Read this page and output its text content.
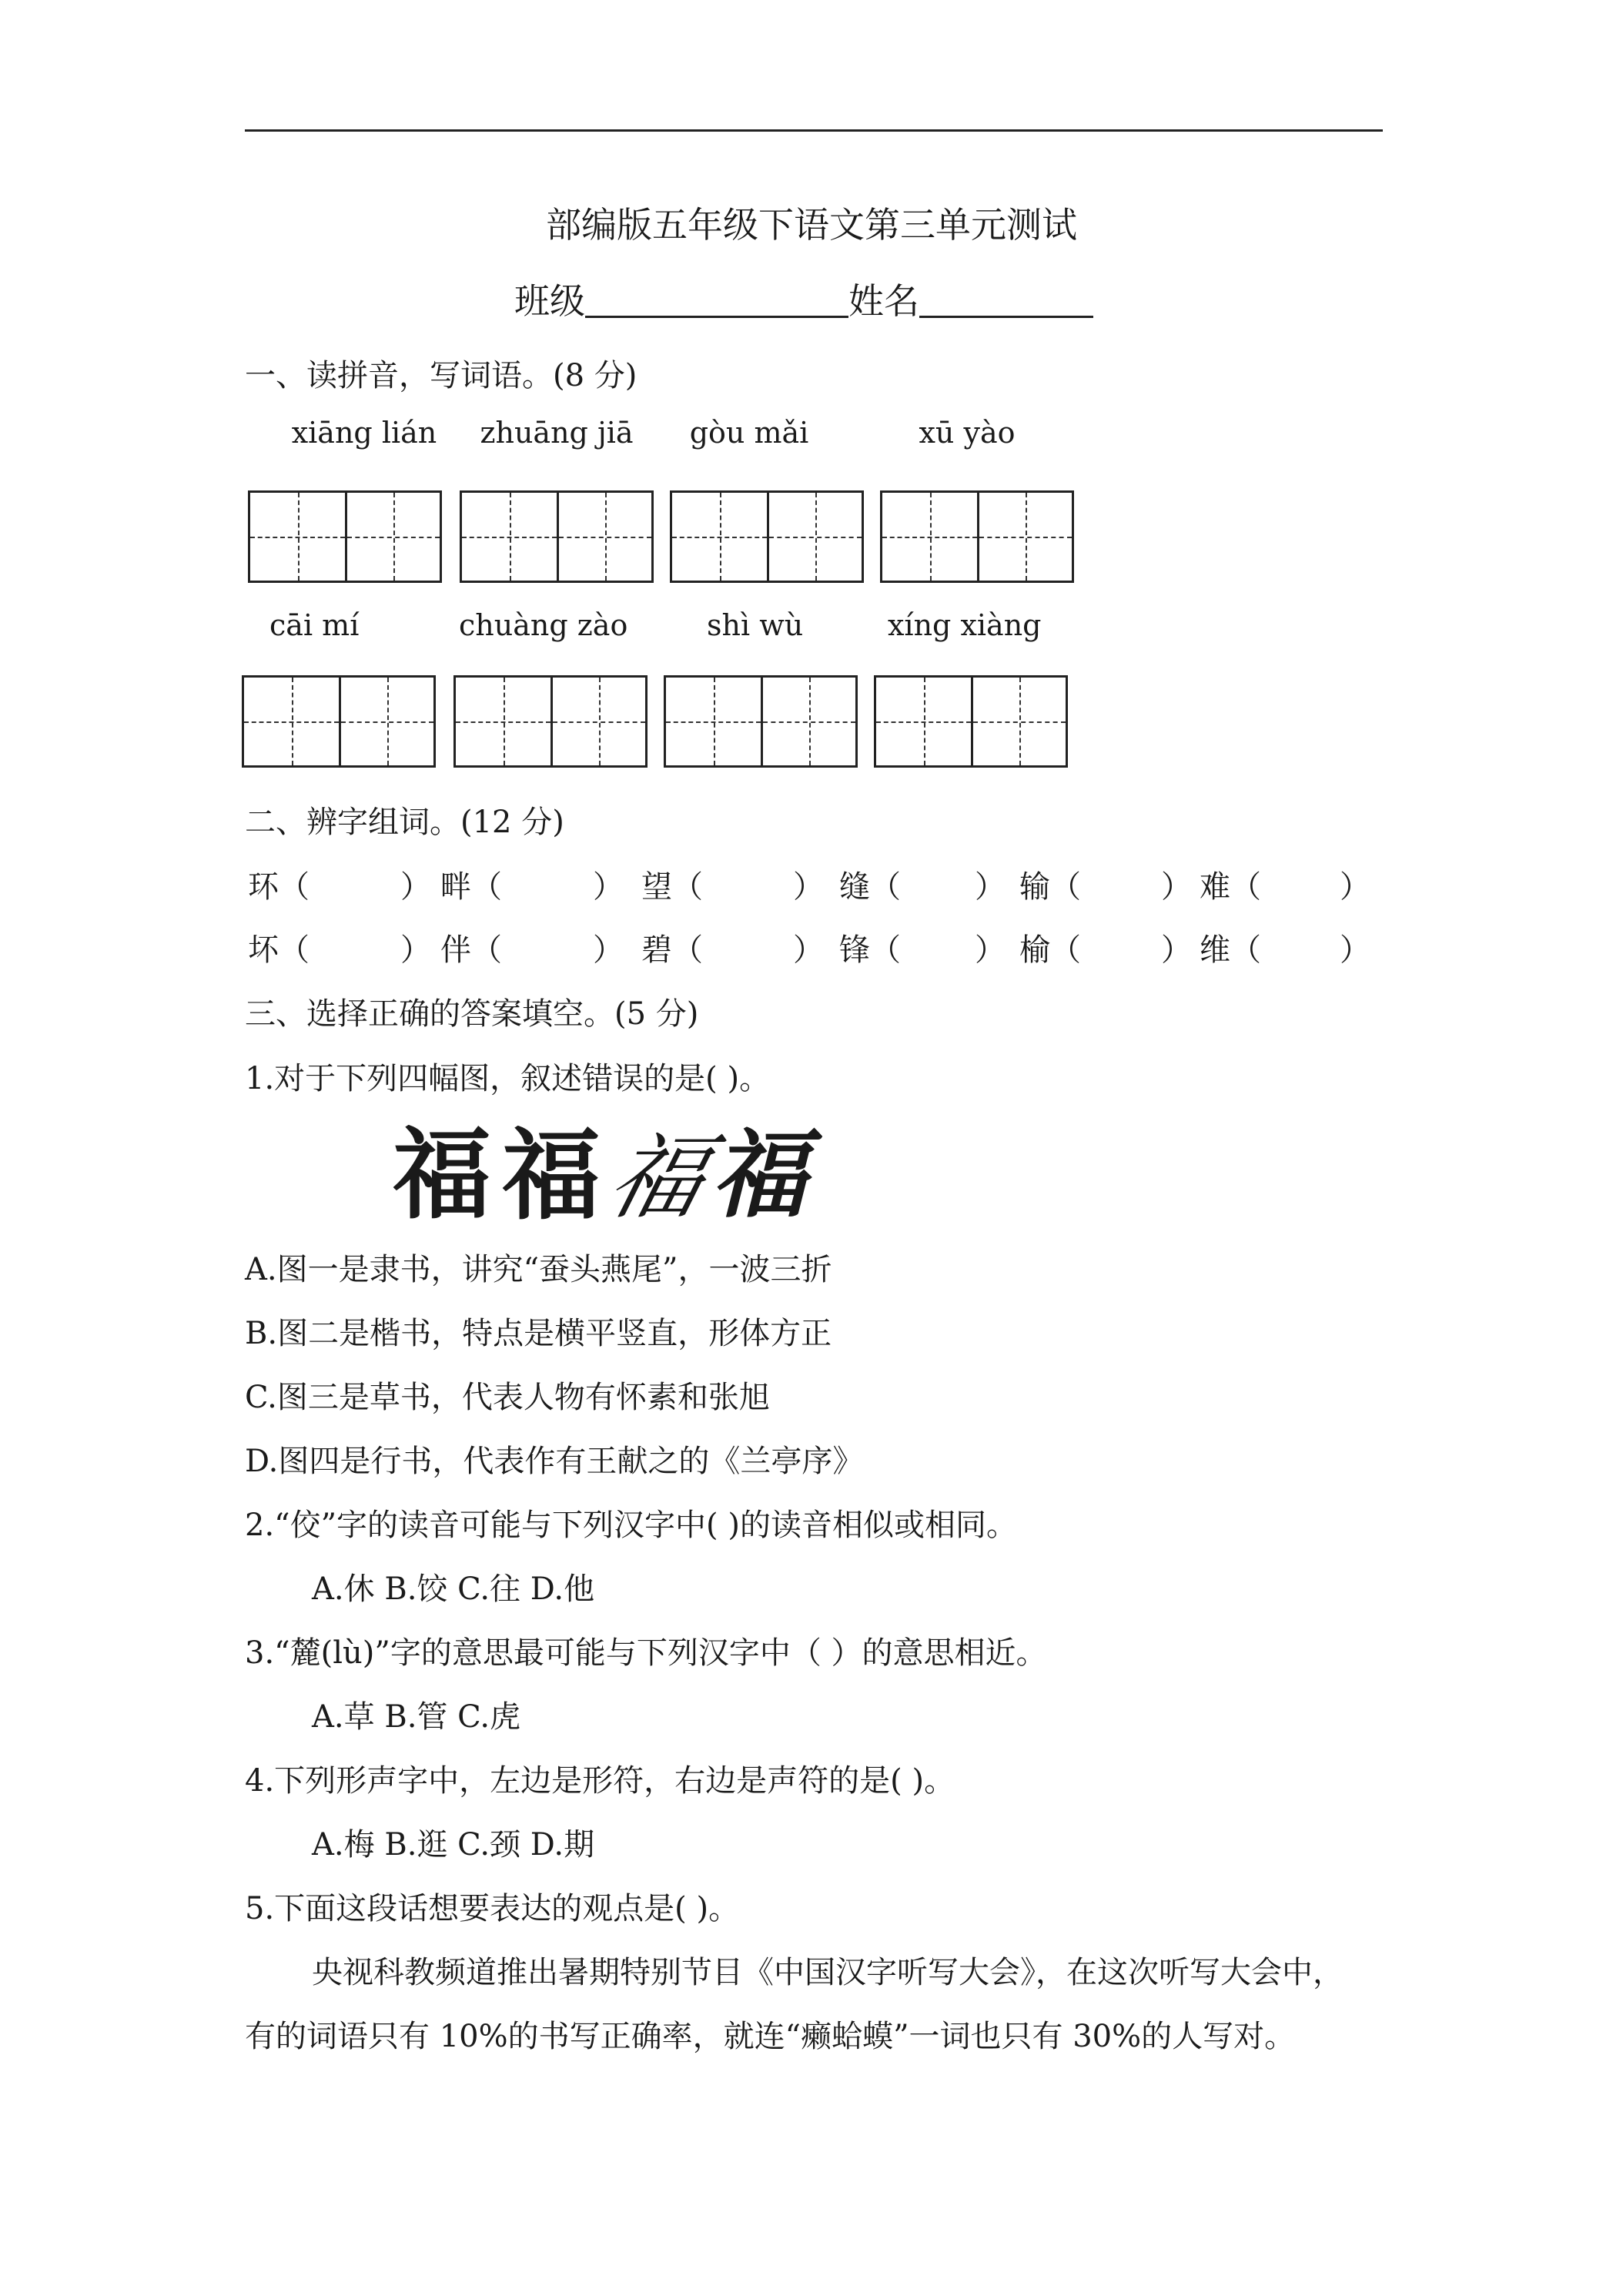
部编版五年级下语文第三单元测试
班级	姓名
一、读拼音，写词语。(8 分)
xiāng lián	zhuāng jiā	gòu mǎi	xū yào
cāi mí	chuàng zào	shì wù	xíng xiàng
二、辨字组词。(12 分)
环（	） 畔（	） 望（	） 缝（ ） 输（	） 难（	）
坏（	） 伴（	） 碧（	） 锋（ ） 榆（	） 维（	）
三、选择正确的答案填空。(5 分)
1.对于下列四幅图，叙述错误的是( )。
福 福
福
福
A.图一是隶书，讲究“蚕头燕尾”，一波三折
B.图二是楷书，特点是横平竖直，形体方正
C.图三是草书，代表人物有怀素和张旭
D.图四是行书，代表作有王献之的《兰亭序》
2.“佼”字的读音可能与下列汉字中( )的读音相似或相同。
A.休 B.饺 C.往 D.他
3.“麓(lù)”字的意思最可能与下列汉字中（ ）的意思相近。
A.草 B.管 C.虎
4.下列形声字中，左边是形符，右边是声符的是( )。
A.梅 B.逛 C.颈 D.期
5.下面这段话想要表达的观点是( )。
央视科教频道推出暑期特别节目《中国汉字听写大会》，在这次听写大会中，
有的词语只有 10%的书写正确率，就连“癞蛤蟆”一词也只有 30%的人写对。
